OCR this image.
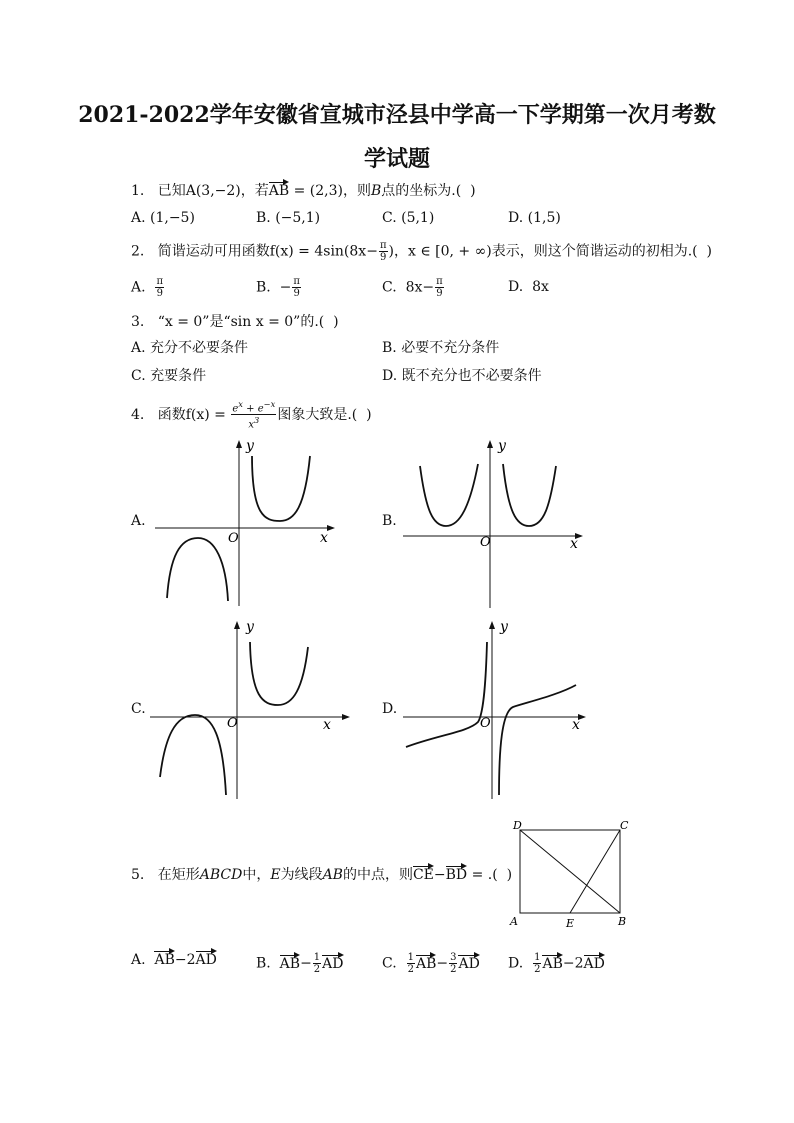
2021-2022学年安徽省宣城市泾县中学高一下学期第一次月考数
学试题
1. 已知A(3,−2)，若AB = (2,3)，则B点的坐标为.(  )
A. (1,−5)	B. (−5,1)	C. (5,1)	D. (1,5)
2. 简谐运动可用函数$f(x) = 4\sin(8x- \frac{\pi}{9}$ )，x ∈ [0, + ∞)表示，则这个简谐运动的初相为.(  )
A. $\frac{\pi}{9}$	B. − $\frac{\pi}{9}$	C. $8x- \frac{\pi}{9}$	D. 8x
3. “x = 0”是“sin x = 0”的.(  )
A. 充分不必要条件	B. 必要不充分条件
C. 充要条件	D. 既不充分也不必要条件
4. 函数$f(x) = \frac{e^x + e^{-x}}{x^3}$ 图象大致是.(  )
A.
y
x
O
B.
y
x
O
C.
y
x
O
D.
y
x
O
5. 在矩形ABCD中，E为线段AB的中点，则CE−BD = .(  )
D	C
A	E	B
A. AB−2AD	B. $AB- \frac{1}{2}$ AD	C. $\frac{1}{2} AB- \frac{3}{2}$ AD D. $\frac{1}{2} AB-2AD$
